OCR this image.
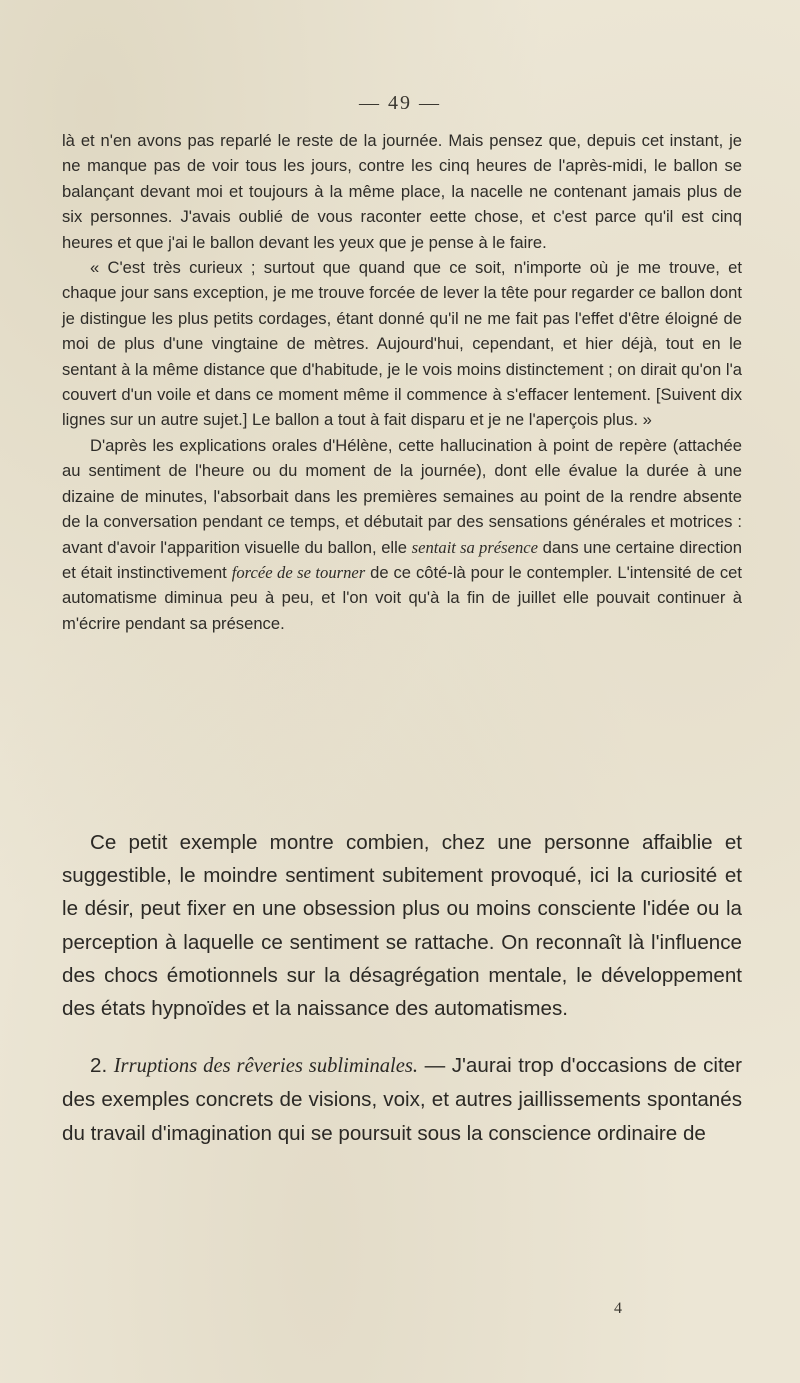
— 49 —

là et n'en avons pas reparlé le reste de la journée. Mais pensez que, depuis cet instant, je ne manque pas de voir tous les jours, contre les cinq heures de l'après-midi, le ballon se balançant devant moi et toujours à la même place, la nacelle ne contenant jamais plus de six personnes. J'avais oublié de vous raconter eette chose, et c'est parce qu'il est cinq heures et que j'ai le ballon devant les yeux que je pense à le faire.

« C'est très curieux ; surtout que quand que ce soit, n'importe où je me trouve, et chaque jour sans exception, je me trouve forcée de lever la tête pour regarder ce ballon dont je distingue les plus petits cordages, étant donné qu'il ne me fait pas l'effet d'être éloigné de moi de plus d'une vingtaine de mètres. Aujourd'hui, cependant, et hier déjà, tout en le sentant à la même distance que d'habitude, je le vois moins distinctement ; on dirait qu'on l'a couvert d'un voile et dans ce moment même il commence à s'effacer lentement. [Suivent dix lignes sur un autre sujet.] Le ballon a tout à fait disparu et je ne l'aperçois plus. »

D'après les explications orales d'Hélène, cette hallucination à point de repère (attachée au sentiment de l'heure ou du moment de la journée), dont elle évalue la durée à une dizaine de minutes, l'absorbait dans les premières semaines au point de la rendre absente de la conversation pendant ce temps, et débutait par des sensations générales et motrices : avant d'avoir l'apparition visuelle du ballon, elle sentait sa présence dans une certaine direction et était instinctivement forcée de se tourner de ce côté-là pour le contempler. L'intensité de cet automatisme diminua peu à peu, et l'on voit qu'à la fin de juillet elle pouvait continuer à m'écrire pendant sa présence.

Ce petit exemple montre combien, chez une personne affaiblie et suggestible, le moindre sentiment subitement provoqué, ici la curiosité et le désir, peut fixer en une obsession plus ou moins consciente l'idée ou la perception à laquelle ce sentiment se rattache. On reconnaît là l'influence des chocs émotionnels sur la désagrégation mentale, le développement des états hypnoïdes et la naissance des automatismes.

2. Irruptions des rêveries subliminales. — J'aurai trop d'occasions de citer des exemples concrets de visions, voix, et autres jaillissements spontanés du travail d'imagination qui se poursuit sous la conscience ordinaire de

4
